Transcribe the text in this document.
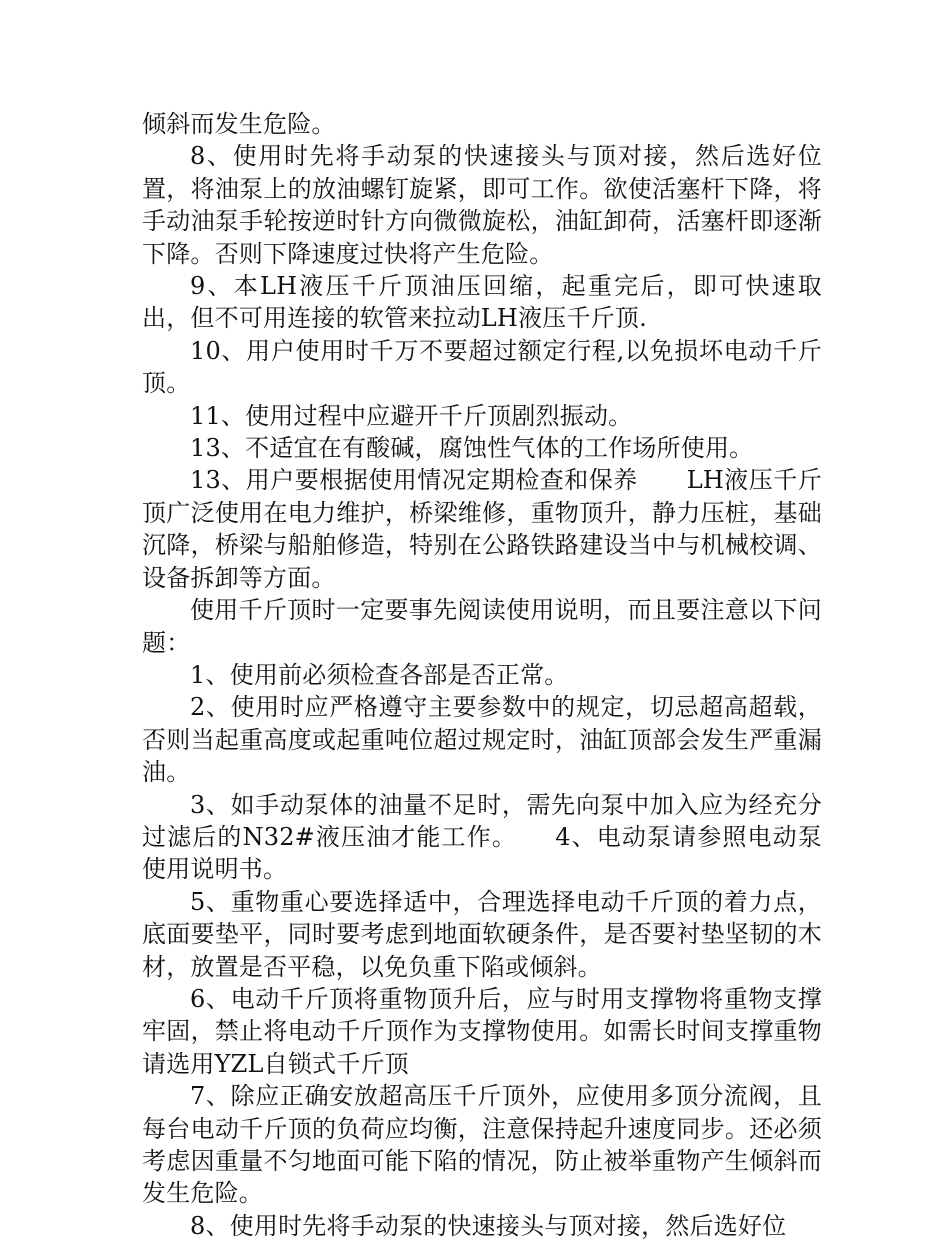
倾斜而发生危险。

8、使用时先将手动泵的快速接头与顶对接，然后选好位置，将油泵上的放油螺钉旋紧，即可工作。欲使活塞杆下降，将手动油泵手轮按逆时针方向微微旋松，油缸卸荷，活塞杆即逐渐下降。否则下降速度过快将产生危险。

9、本LH液压千斤顶油压回缩，起重完后，即可快速取出，但不可用连接的软管来拉动LH液压千斤顶.

10、用户使用时千万不要超过额定行程,以免损坏电动千斤顶。

11、使用过程中应避开千斤顶剧烈振动。

13、不适宜在有酸碱，腐蚀性气体的工作场所使用。

13、用户要根据使用情况定期检查和保养　　LH液压千斤顶广泛使用在电力维护，桥梁维修，重物顶升，静力压桩，基础沉降，桥梁与船舶修造，特别在公路铁路建设当中与机械校调、设备拆卸等方面。

使用千斤顶时一定要事先阅读使用说明，而且要注意以下问题：

1、使用前必须检查各部是否正常。

2、使用时应严格遵守主要参数中的规定，切忌超高超载，否则当起重高度或起重吨位超过规定时，油缸顶部会发生严重漏油。

3、如手动泵体的油量不足时，需先向泵中加入应为经充分过滤后的N32#液压油才能工作。　　4、电动泵请参照电动泵使用说明书。

5、重物重心要选择适中，合理选择电动千斤顶的着力点，底面要垫平，同时要考虑到地面软硬条件，是否要衬垫坚韧的木材，放置是否平稳，以免负重下陷或倾斜。

6、电动千斤顶将重物顶升后，应与时用支撑物将重物支撑牢固，禁止将电动千斤顶作为支撑物使用。如需长时间支撑重物请选用YZL自锁式千斤顶

7、除应正确安放超高压千斤顶外，应使用多顶分流阀，且每台电动千斤顶的负荷应均衡，注意保持起升速度同步。还必须考虑因重量不匀地面可能下陷的情况，防止被举重物产生倾斜而发生危险。

8、使用时先将手动泵的快速接头与顶对接，然后选好位
